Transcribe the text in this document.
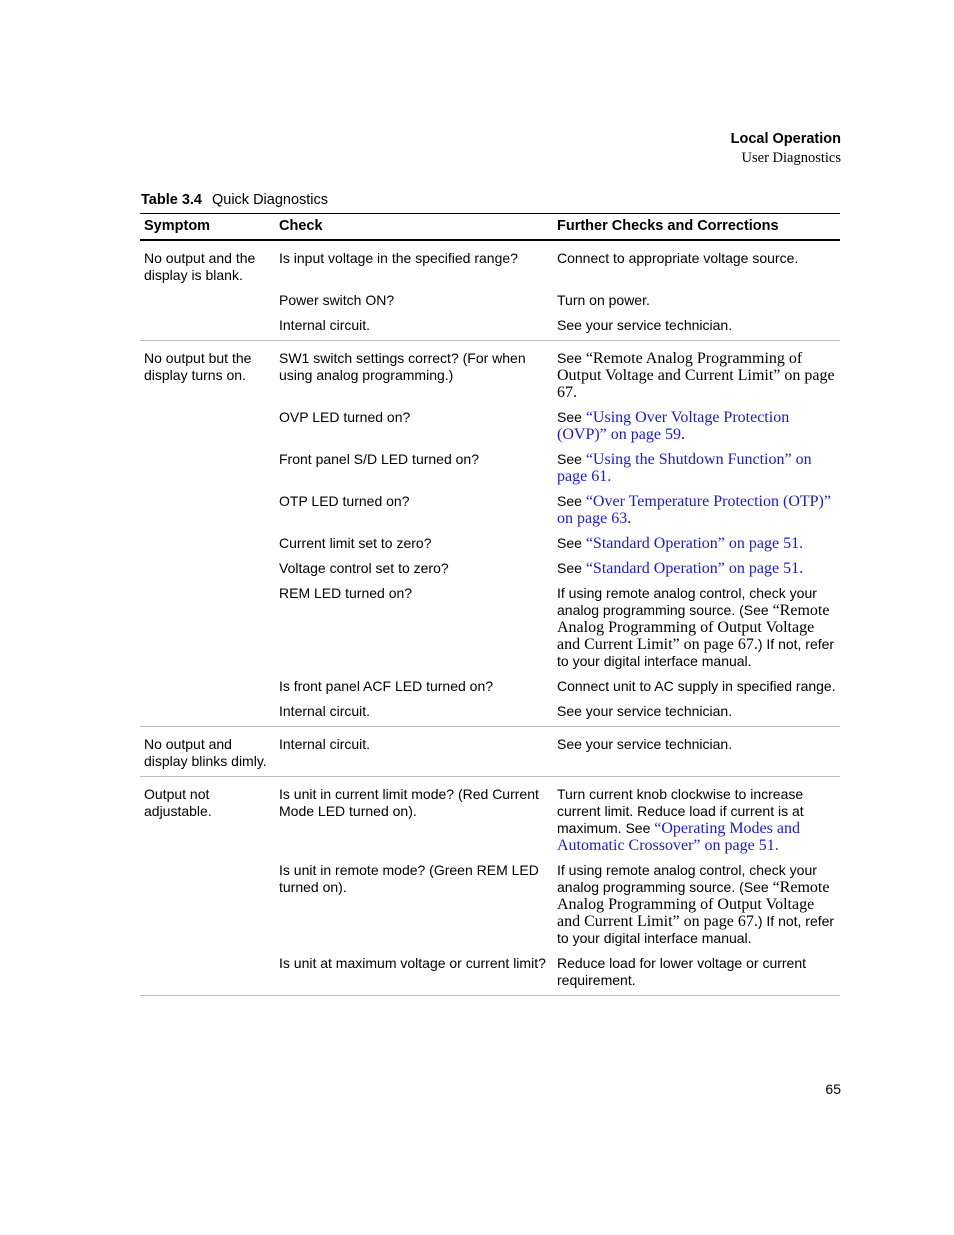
Local Operation
User Diagnostics
Table 3.4 Quick Diagnostics
Symptom	Check	Further Checks and Corrections
No output and the display is blank.	Is input voltage in the specified range?	Connect to appropriate voltage source.
	Power switch ON?	Turn on power.
	Internal circuit.	See your service technician.
No output but the display turns on.	SW1 switch settings correct? (For when using analog programming.)	See “Remote Analog Programming of Output Voltage and Current Limit” on page 67.
	OVP LED turned on?	See “Using Over Voltage Protection (OVP)” on page 59.
	Front panel S/D LED turned on?	See “Using the Shutdown Function” on page 61.
	OTP LED turned on?	See “Over Temperature Protection (OTP)” on page 63.
	Current limit set to zero?	See “Standard Operation” on page 51.
	Voltage control set to zero?	See “Standard Operation” on page 51.
	REM LED turned on?	If using remote analog control, check your analog programming source. (See “Remote Analog Programming of Output Voltage and Current Limit” on page 67.) If not, refer to your digital interface manual.
	Is front panel ACF LED turned on?	Connect unit to AC supply in specified range.
	Internal circuit.	See your service technician.
No output and display blinks dimly.	Internal circuit.	See your service technician.
Output not adjustable.	Is unit in current limit mode? (Red Current Mode LED turned on).	Turn current knob clockwise to increase current limit. Reduce load if current is at maximum. See “Operating Modes and Automatic Crossover” on page 51.
	Is unit in remote mode? (Green REM LED turned on).	If using remote analog control, check your analog programming source. (See “Remote Analog Programming of Output Voltage and Current Limit” on page 67.) If not, refer to your digital interface manual.
	Is unit at maximum voltage or current limit?	Reduce load for lower voltage or current requirement.
65
